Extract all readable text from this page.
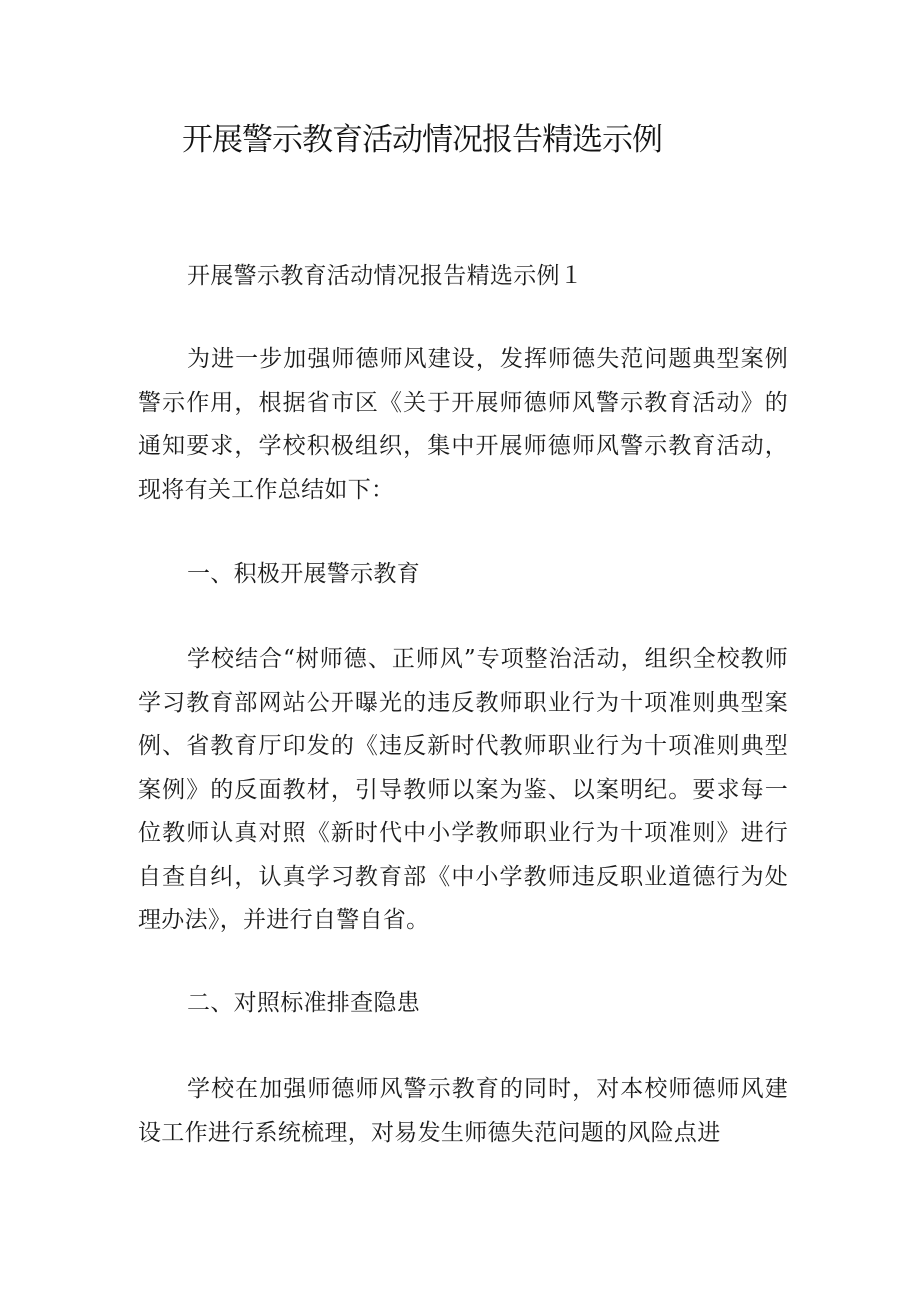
开展警示教育活动情况报告精选示例

开展警示教育活动情况报告精选示例１

为进一步加强师德师风建设，发挥师德失范问题典型案例警示作用，根据省市区《关于开展师德师风警示教育活动》的通知要求，学校积极组织，集中开展师德师风警示教育活动，现将有关工作总结如下：

一、积极开展警示教育

学校结合“树师德、正师风”专项整治活动，组织全校教师学习教育部网站公开曝光的违反教师职业行为十项准则典型案例、省教育厅印发的《违反新时代教师职业行为十项准则典型案例》的反面教材，引导教师以案为鉴、以案明纪。要求每一位教师认真对照《新时代中小学教师职业行为十项准则》进行自查自纠，认真学习教育部《中小学教师违反职业道德行为处理办法》，并进行自警自省。

二、对照标准排查隐患

学校在加强师德师风警示教育的同时，对本校师德师风建设工作进行系统梳理，对易发生师德失范问题的风险点进
